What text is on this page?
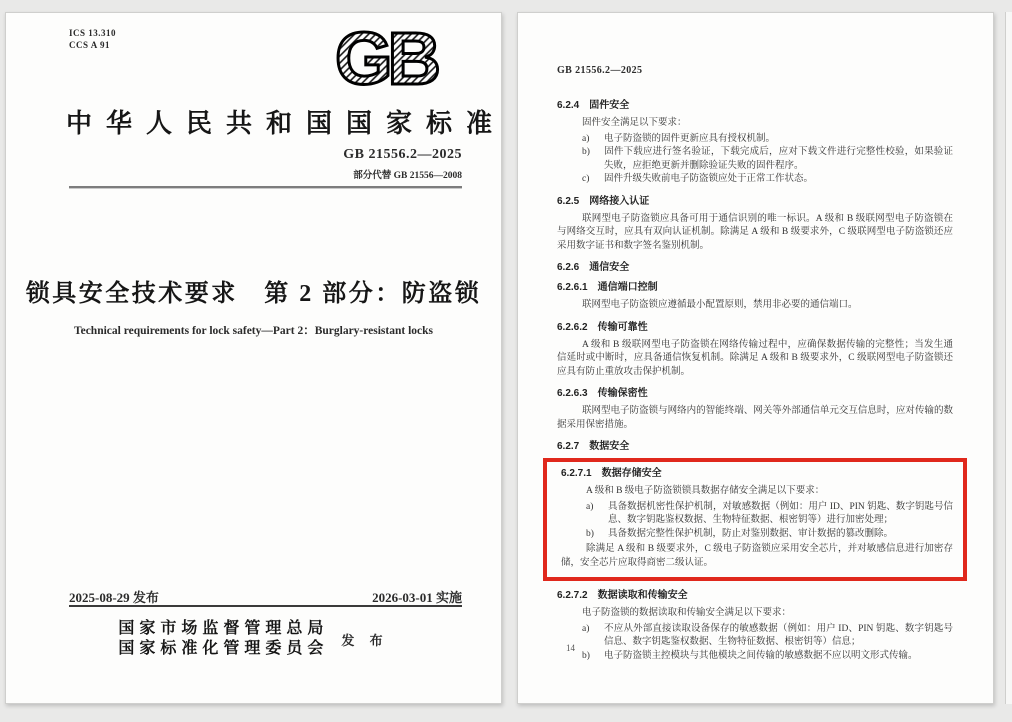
ICS 13.310
CCS A 91	GB
中华人民共和国国家标准
GB 21556.2—2025
部分代替 GB 21556—2008
锁具安全技术要求　第 2 部分：防盗锁
Technical requirements for lock safety—Part 2：Burglary-resistant locks
2025-08-29 发布	2026-03-01 实施
国家市场监督管理总局
国家标准化管理委员会 发 布
GB 21556.2—2025
6.2.4　固件安全
固件安全满足以下要求：
a) 电子防盗锁的固件更新应具有授权机制。
b) 固件下载应进行签名验证，下载完成后，应对下载文件进行完整性校验，如果验证失败，应拒绝更新并删除验证失败的固件程序。
c) 固件升级失败前电子防盗锁应处于正常工作状态。
6.2.5　网络接入认证
联网型电子防盗锁应具备可用于通信识别的唯一标识。A 级和 B 级联网型电子防盗锁在与网络交互时，应具有双向认证机制。除满足 A 级和 B 级要求外，C 级联网型电子防盗锁还应采用数字证书和数字签名鉴别机制。
6.2.6　通信安全
6.2.6.1　通信端口控制
联网型电子防盗锁应遵循最小配置原则，禁用非必要的通信端口。
6.2.6.2　传输可靠性
A 级和 B 级联网型电子防盗锁在网络传输过程中，应确保数据传输的完整性；当发生通信延时或中断时，应具备通信恢复机制。除满足 A 级和 B 级要求外，C 级联网型电子防盗锁还应具有防止重放攻击保护机制。
6.2.6.3　传输保密性
联网型电子防盗锁与网络内的智能终端、网关等外部通信单元交互信息时，应对传输的数据采用保密措施。
6.2.7　数据安全
6.2.7.1　数据存储安全
A 级和 B 级电子防盗锁锁具数据存储安全满足以下要求：
a) 具备数据机密性保护机制，对敏感数据（例如：用户 ID、PIN 钥匙、数字钥匙号信息、数字钥匙鉴权数据、生物特征数据、根密钥等）进行加密处理；
b) 具备数据完整性保护机制，防止对鉴别数据、审计数据的篡改删除。
除满足 A 级和 B 级要求外，C 级电子防盗锁应采用安全芯片，并对敏感信息进行加密存储，安全芯片应取得商密二级认证。
6.2.7.2　数据读取和传输安全
电子防盗锁的数据读取和传输安全满足以下要求：
a) 不应从外部直接读取设备保存的敏感数据（例如：用户 ID、PIN 钥匙、数字钥匙号信息、数字钥匙鉴权数据、生物特征数据、根密钥等）信息；
b) 电子防盗锁主控模块与其他模块之间传输的敏感数据不应以明文形式传输。
14
